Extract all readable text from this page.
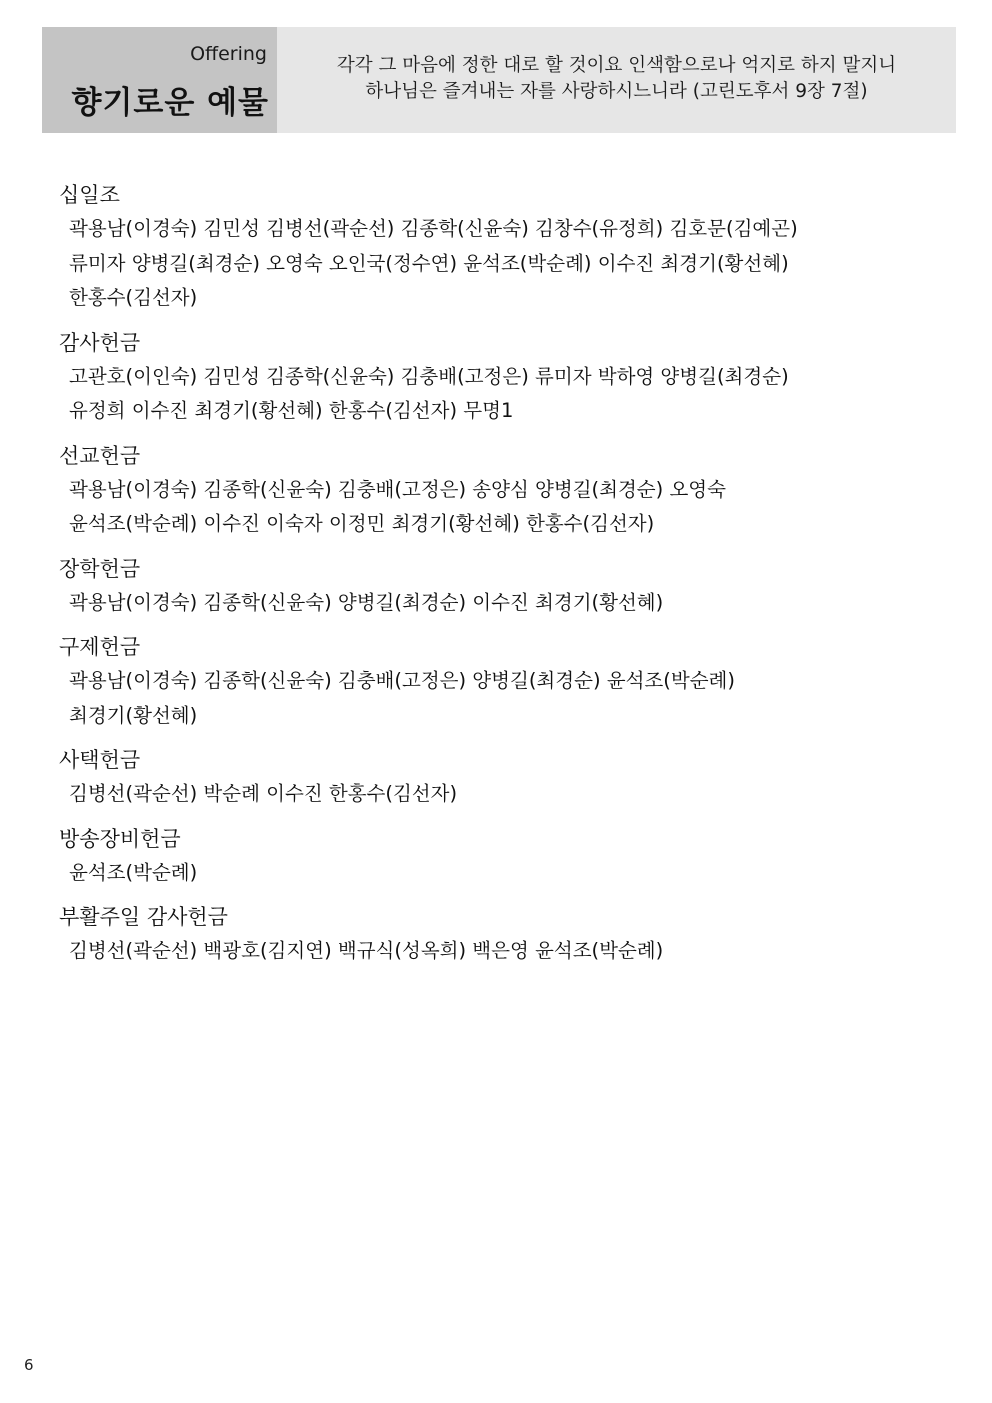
Offering
향기로운 예물
각각 그 마음에 정한 대로 할 것이요 인색함으로나 억지로 하지 말지니
하나님은 즐겨내는 자를 사랑하시느니라 (고린도후서 9장 7절)
십일조
곽용남(이경숙) 김민성 김병선(곽순선) 김종학(신윤숙) 김창수(유정희) 김호문(김예곤)
류미자 양병길(최경순) 오영숙 오인국(정수연) 윤석조(박순례) 이수진 최경기(황선혜)
한홍수(김선자)
감사헌금
고관호(이인숙) 김민성 김종학(신윤숙) 김충배(고정은) 류미자 박하영 양병길(최경순)
유정희 이수진 최경기(황선혜) 한홍수(김선자) 무명1
선교헌금
곽용남(이경숙) 김종학(신윤숙) 김충배(고정은) 송양심 양병길(최경순) 오영숙
윤석조(박순례) 이수진 이숙자 이정민 최경기(황선혜) 한홍수(김선자)
장학헌금
곽용남(이경숙) 김종학(신윤숙) 양병길(최경순) 이수진 최경기(황선혜)
구제헌금
곽용남(이경숙) 김종학(신윤숙) 김충배(고정은) 양병길(최경순) 윤석조(박순례)
최경기(황선혜)
사택헌금
김병선(곽순선) 박순례 이수진 한홍수(김선자)
방송장비헌금
윤석조(박순례)
부활주일 감사헌금
김병선(곽순선) 백광호(김지연) 백규식(성옥희) 백은영 윤석조(박순례)
6
